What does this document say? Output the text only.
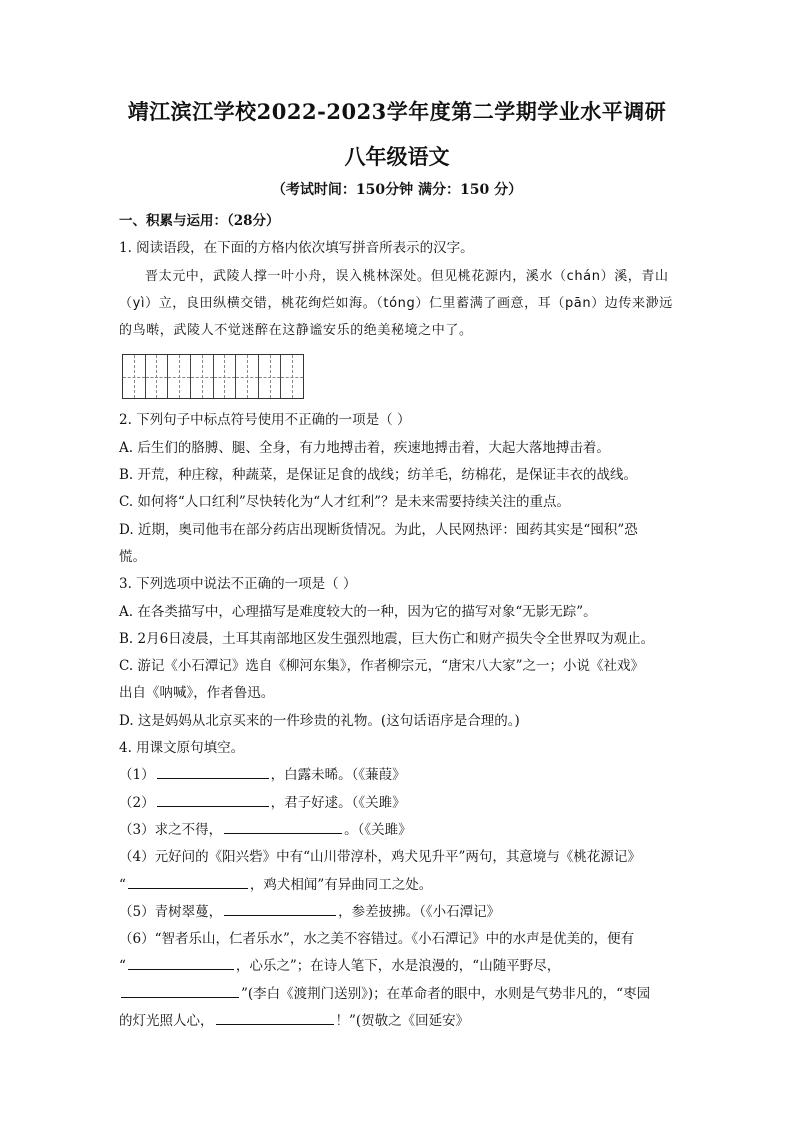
靖江滨江学校2022-2023学年度第二学期学业水平调研
八年级语文
（考试时间：150分钟 满分：150 分）

一、积累与运用：（28分）

1. 阅读语段，在下面的方格内依次填写拼音所表示的汉字。

晋太元中，武陵人撑一叶小舟，误入桃林深处。但见桃花源内，溪水（chán）溪，青山

（yì）立，良田纵横交错，桃花绚烂如海。（tóng）仁里蓄满了画意，耳（pān）边传来渺远

的鸟啭，武陵人不觉迷醉在这静谧安乐的绝美秘境之中了。

2. 下列句子中标点符号使用不正确的一项是（ ）

A. 后生们的胳膊、腿、全身，有力地搏击着，疾速地搏击着，大起大落地搏击着。

B. 开荒，种庄稼，种蔬菜，是保证足食的战线；纺羊毛，纺棉花，是保证丰衣的战线。

C. 如何将“人口红利”尽快转化为“人才红利”？是未来需要持续关注的重点。

D. 近期，奥司他韦在部分药店出现断货情况。为此，人民网热评：囤药其实是“囤积”恐

慌。

3. 下列选项中说法不正确的一项是（ ）

A. 在各类描写中，心理描写是难度较大的一种，因为它的描写对象“无影无踪”。

B. 2月6日凌晨，土耳其南部地区发生强烈地震，巨大伤亡和财产损失令全世界叹为观止。

C. 游记《小石潭记》选自《柳河东集》，作者柳宗元，“唐宋八大家”之一；小说《社戏》

出自《呐喊》，作者鲁迅。

D. 这是妈妈从北京买来的一件珍贵的礼物。(这句话语序是合理的。)

4. 用课文原句填空。

（1）	，白露未晞。（《蒹葭》

（2）	，君子好逑。（《关雎》

（3）求之不得，	。（《关雎》

（4）元好问的《阳兴砦》中有“山川带淳朴，鸡犬见升平”两句，其意境与《桃花源记》

“	，鸡犬相闻”有异曲同工之处。

（5）青树翠蔓，	，参差披拂。（《小石潭记》

（6）“智者乐山，仁者乐水”，水之美不容错过。《小石潭记》中的水声是优美的，便有

“	，心乐之”；在诗人笔下，水是浪漫的，“山随平野尽，

”(李白《渡荆门送别》)；在革命者的眼中，水则是气势非凡的，“枣园

的灯光照人心，	！”(贺敬之《回延安》
